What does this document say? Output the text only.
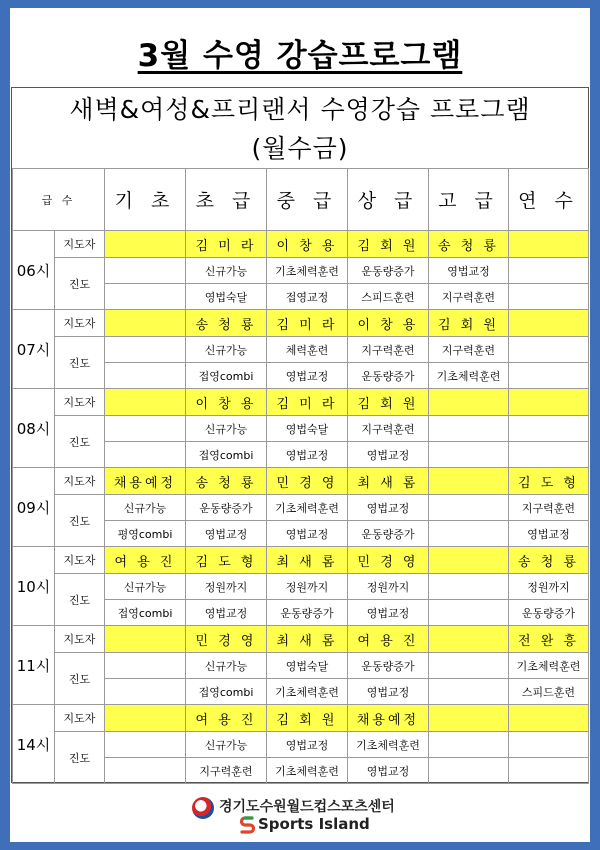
3월 수영 강습프로그램
새벽&여성&프리랜서 수영강습 프로그램
(월수금)
급 수		기 초	초 급	중 급	상 급	고 급	연 수
06시	지도자		김 미 라	이 창 용	김 회 원	송 청 룡	
	진도		신규가능	기초체력훈련	운동량증가	영법교정	
			영법숙달	접영교정	스피드훈련	지구력훈련	
07시	지도자		송 청 룡	김 미 라	이 창 용	김 회 원	
	진도		신규가능	체력훈련	지구력훈련	지구력훈련	
			접영combi	영법교정	운동량증가	기초체력훈련	
08시	지도자		이 창 용	김 미 라	김 회 원		
	진도		신규가능	영법숙달	지구력훈련		
			접영combi	영법교정	영법교정		
09시	지도자	채용예정	송 청 룡	민 경 영	최 새 롬		김 도 형
	진도	신규가능	운동량증가	기초체력훈련	영법교정		지구력훈련
		평영combi	영법교정	영법교정	운동량증가		영법교정
10시	지도자	여 용 진	김 도 형	최 새 롬	민 경 영		송 청 룡
	진도	신규가능	정원까지	정원까지	정원까지		정원까지
		접영combi	영법교정	운동량증가	영법교정		운동량증가
11시	지도자		민 경 영	최 새 롬	여 용 진		전 완 흥
	진도		신규가능	영법숙달	운동량증가		기초체력훈련
			접영combi	기초체력훈련	영법교정		스피드훈련
14시	지도자		여 용 진	김 회 원	채용예정		
	진도		신규가능	영법교정	기초체력훈련		
			지구력훈련	기초체력훈련	영법교정		
경기도수원월드컵스포츠센터
Sports Island
